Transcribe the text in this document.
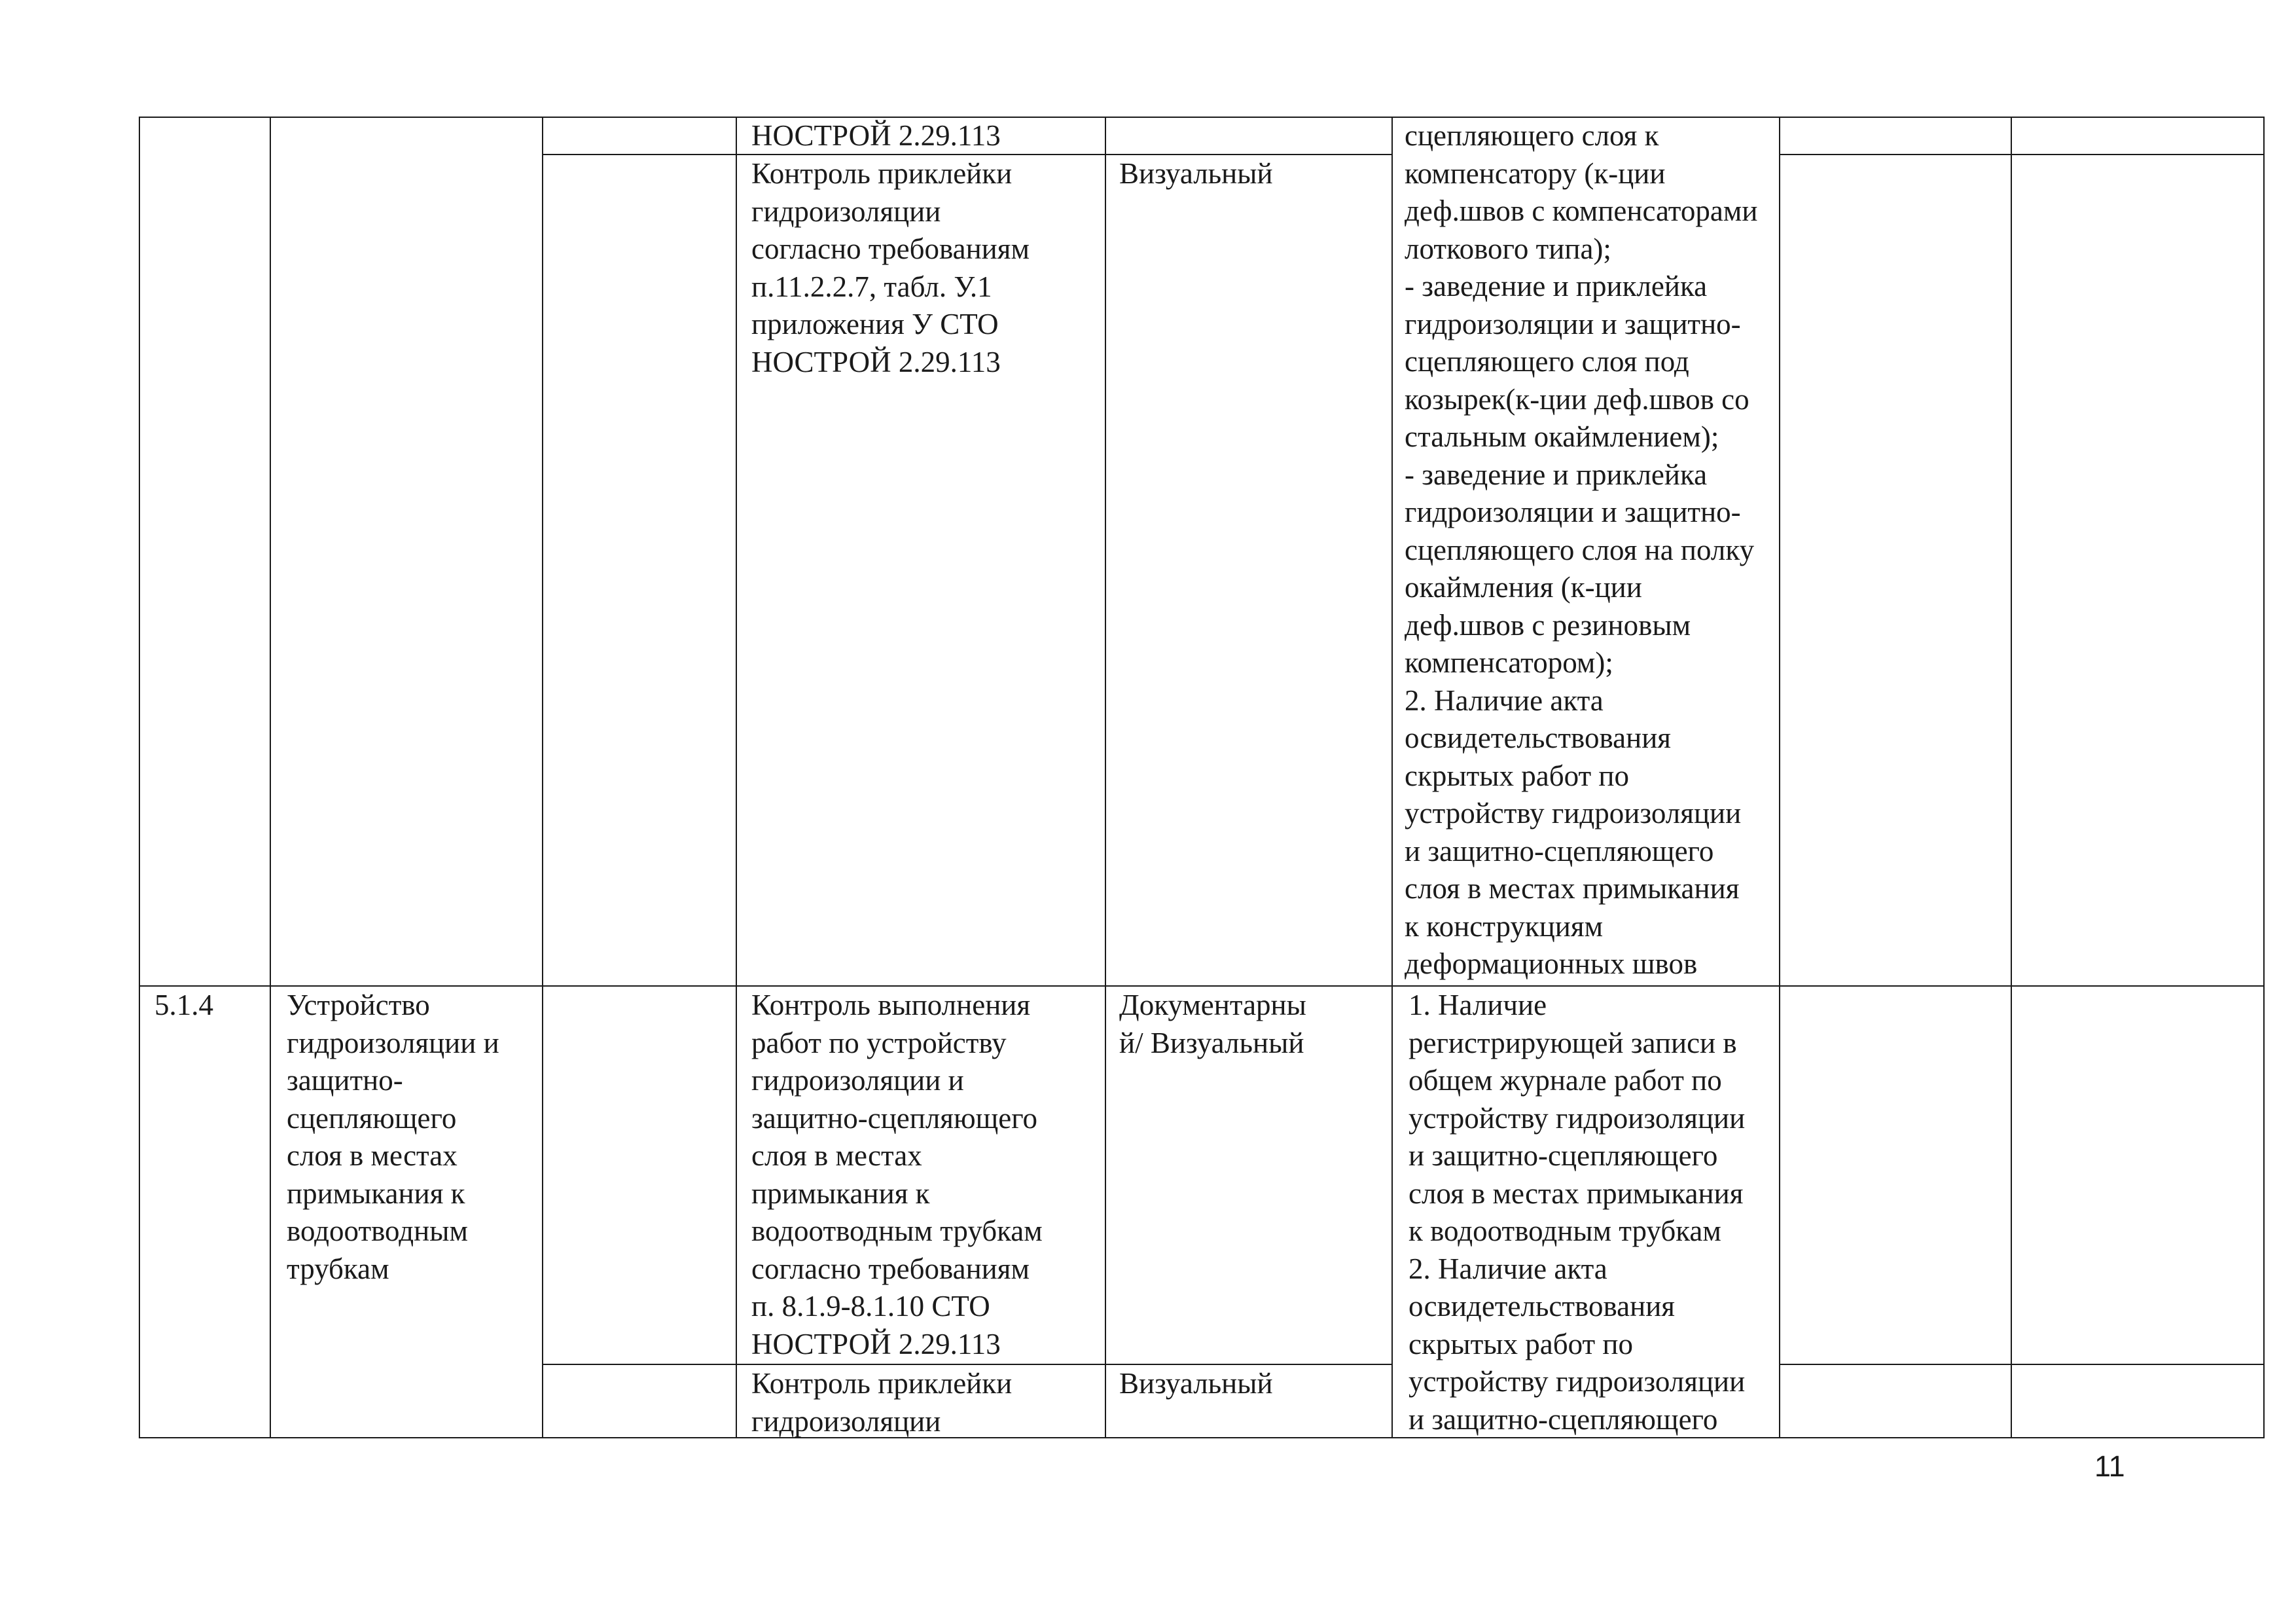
НОСТРОЙ 2.29.113
Контроль приклейки
гидроизоляции
согласно требованиям
п.11.2.2.7, табл. У.1
приложения У СТО
НОСТРОЙ 2.29.113
Визуальный
сцепляющего слоя к
компенсатору (к-ции
деф.швов с компенсаторами
лоткового типа);
- заведение и приклейка
гидроизоляции и защитно-
сцепляющего слоя под
козырек(к-ции деф.швов со
стальным окаймлением);
- заведение и приклейка
гидроизоляции и защитно-
сцепляющего слоя на полку
окаймления (к-ции
деф.швов с резиновым
компенсатором);
2. Наличие акта
освидетельствования
скрытых работ по
устройству гидроизоляции
и защитно-сцепляющего
слоя в местах примыкания
к конструкциям
деформационных швов
5.1.4	Устройство
гидроизоляции и
защитно-
сцепляющего
слоя в местах
примыкания к
водоотводным
трубкам
Контроль выполнения
работ по устройству
гидроизоляции и
защитно-сцепляющего
слоя в местах
примыкания к
водоотводным трубкам
согласно требованиям
п. 8.1.9-8.1.10 СТО
НОСТРОЙ 2.29.113
Документарны
й/ Визуальный
Контроль приклейки
гидроизоляции
Визуальный
1. Наличие
регистрирующей записи в
общем журнале работ по
устройству гидроизоляции
и защитно-сцепляющего
слоя в местах примыкания
к водоотводным трубкам
2. Наличие акта
освидетельствования
скрытых работ по
устройству гидроизоляции
и защитно-сцепляющего
11
